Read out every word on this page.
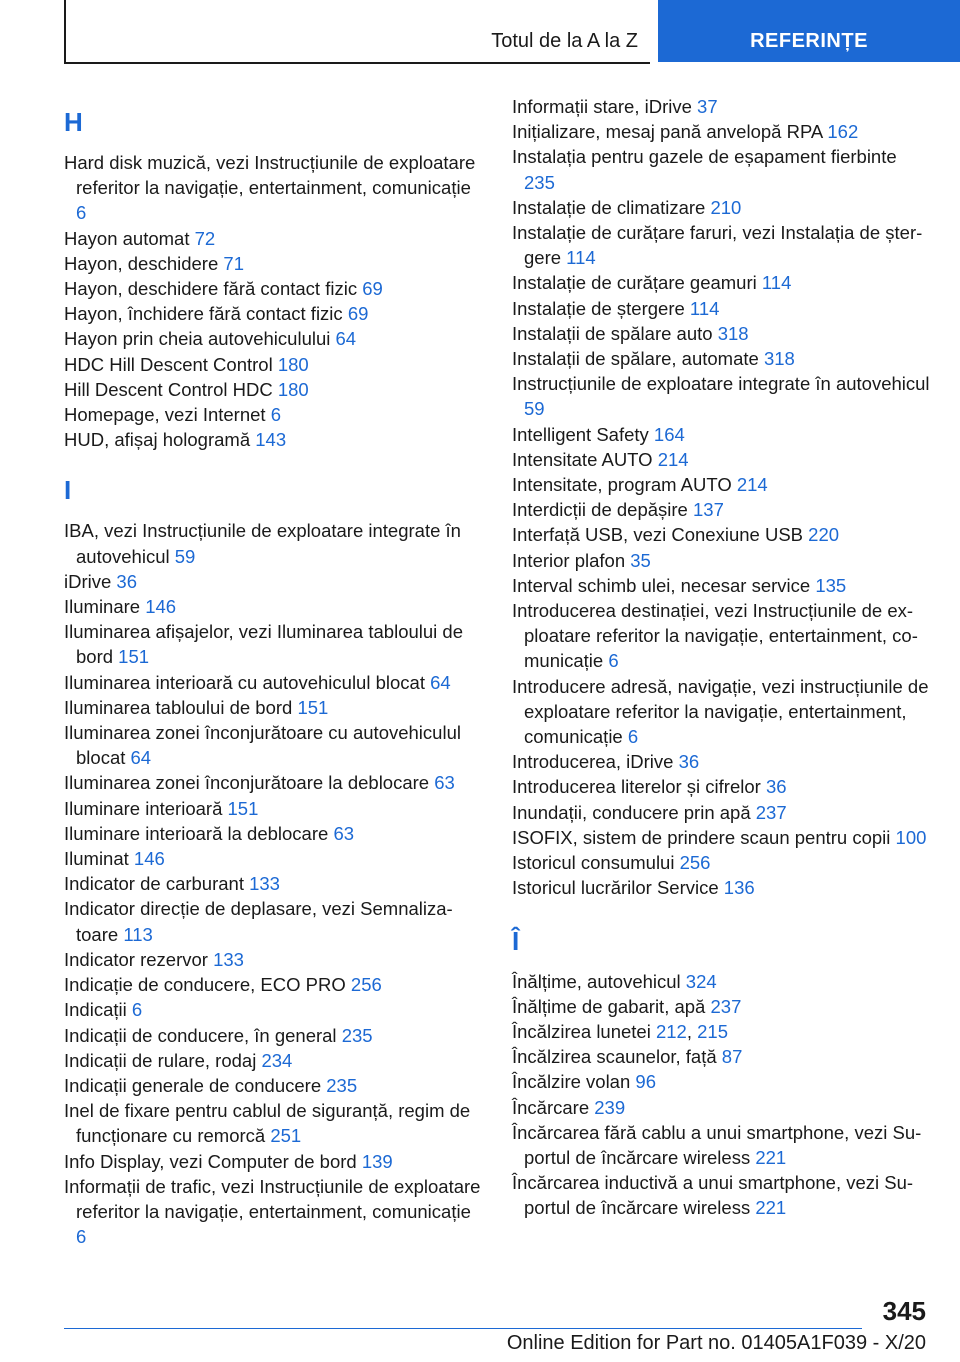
Totul de la A la Z	REFERINȚE
H
Hard disk muzică, vezi Instrucțiunile de exploatare referitor la navigație, entertainment, comunicație 6
Hayon automat 72
Hayon, deschidere 71
Hayon, deschidere fără contact fizic 69
Hayon, închidere fără contact fizic 69
Hayon prin cheia autovehiculului 64
HDC Hill Descent Control 180
Hill Descent Control HDC 180
Homepage, vezi Internet 6
HUD, afișaj hologramă 143
I
IBA, vezi Instrucțiunile de exploatare integrate în autovehicul 59
iDrive 36
Iluminare 146
Iluminarea afișajelor, vezi Iluminarea tabloului de bord 151
Iluminarea interioară cu autovehiculul blocat 64
Iluminarea tabloului de bord 151
Iluminarea zonei înconjurătoare cu autovehiculul blocat 64
Iluminarea zonei înconjurătoare la deblocare 63
Iluminare interioară 151
Iluminare interioară la deblocare 63
Iluminat 146
Indicator de carburant 133
Indicator direcție de deplasare, vezi Semnalizatoare 113
Indicator rezervor 133
Indicație de conducere, ECO PRO 256
Indicații 6
Indicații de conducere, în general 235
Indicații de rulare, rodaj 234
Indicații generale de conducere 235
Inel de fixare pentru cablul de siguranță, regim de funcționare cu remorcă 251
Info Display, vezi Computer de bord 139
Informații de trafic, vezi Instrucțiunile de exploatare referitor la navigație, entertainment, comunicație 6
Informații stare, iDrive 37
Inițializare, mesaj pană anvelopă RPA 162
Instalația pentru gazele de eșapament fierbinte 235
Instalație de climatizare 210
Instalație de curățare faruri, vezi Instalația de ștergere 114
Instalație de curățare geamuri 114
Instalație de ștergere 114
Instalații de spălare auto 318
Instalații de spălare, automate 318
Instrucțiunile de exploatare integrate în autovehicul 59
Intelligent Safety 164
Intensitate AUTO 214
Intensitate, program AUTO 214
Interdicții de depășire 137
Interfață USB, vezi Conexiune USB 220
Interior plafon 35
Interval schimb ulei, necesar service 135
Introducerea destinației, vezi Instrucțiunile de exploatare referitor la navigație, entertainment, comunicație 6
Introducere adresă, navigație, vezi instrucțiunile de exploatare referitor la navigație, entertainment, comunicație 6
Introducerea, iDrive 36
Introducerea literelor și cifrelor 36
Inundații, conducere prin apă 237
ISOFIX, sistem de prindere scaun pentru copii 100
Istoricul consumului 256
Istoricul lucrărilor Service 136
Î
Înălțime, autovehicul 324
Înălțime de gabarit, apă 237
Încălzirea lunetei 212, 215
Încălzirea scaunelor, față 87
Încălzire volan 96
Încărcare 239
Încărcarea fără cablu a unui smartphone, vezi Suportul de încărcare wireless 221
Încărcarea inductivă a unui smartphone, vezi Suportul de încărcare wireless 221
345
Online Edition for Part no. 01405A1F039 - X/20
